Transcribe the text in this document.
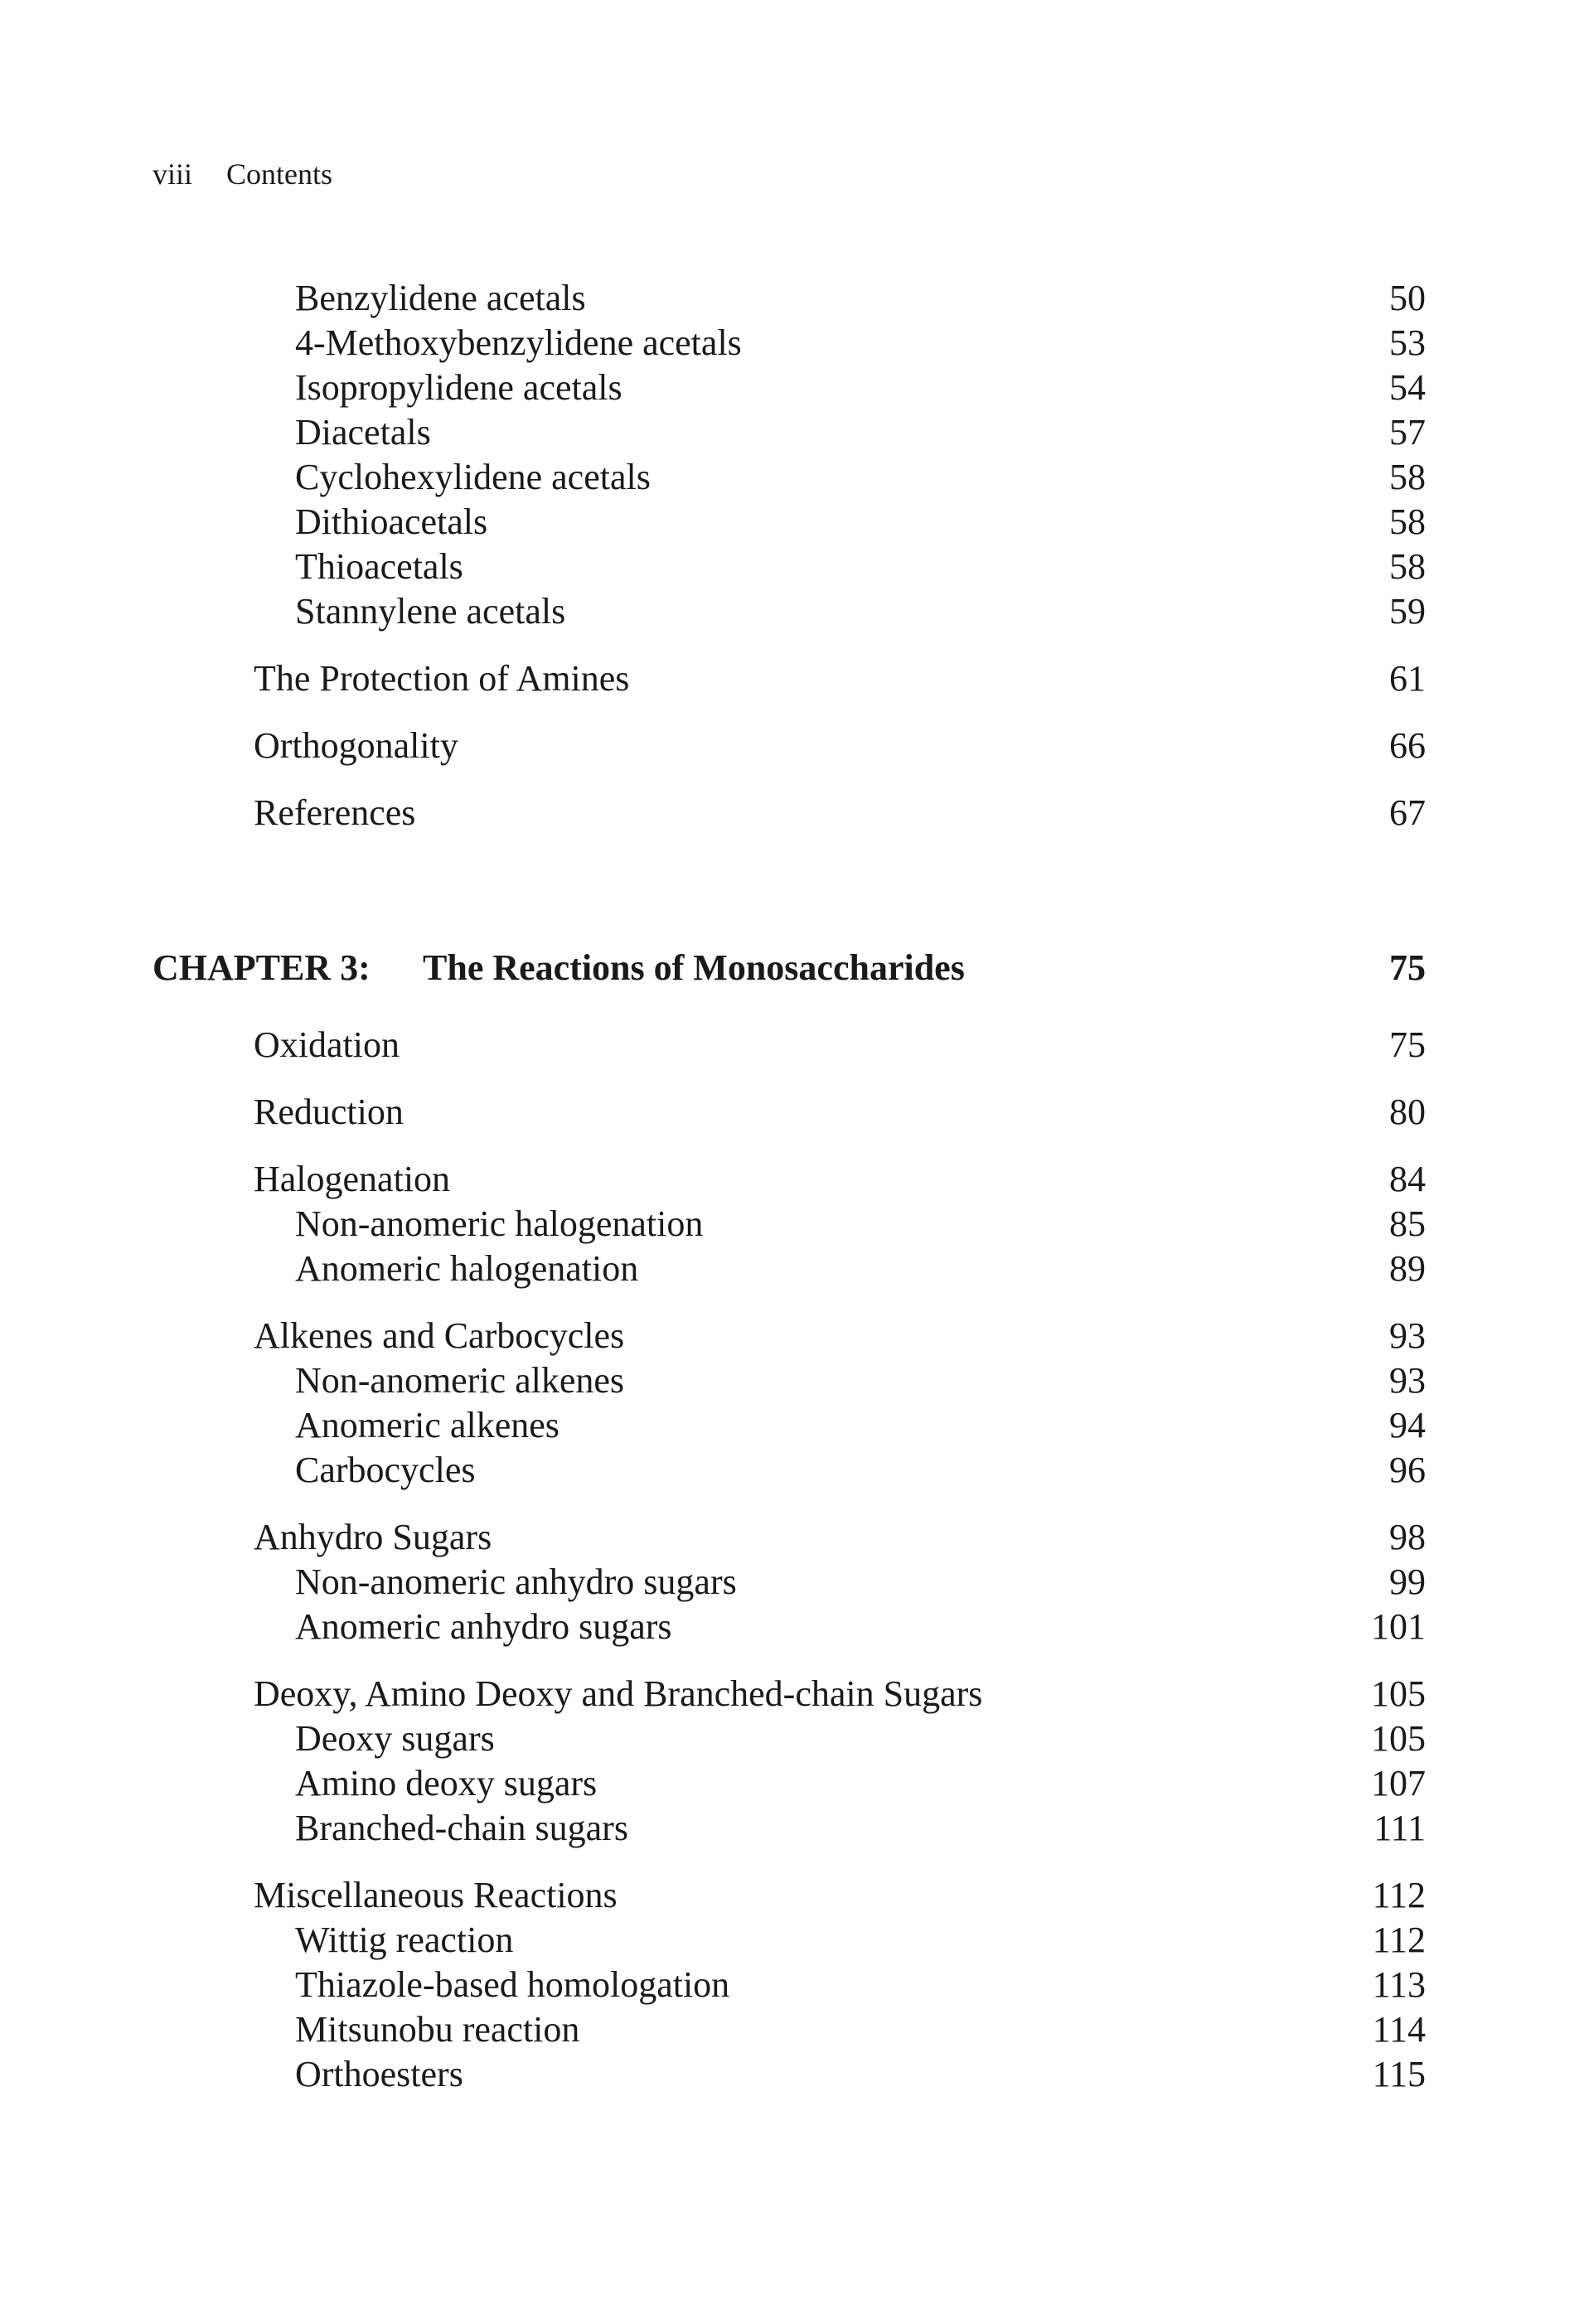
viii Contents
Benzylidene acetals	50
4-Methoxybenzylidene acetals	53
Isopropylidene acetals	54
Diacetals	57
Cyclohexylidene acetals	58
Dithioacetals	58
Thioacetals	58
Stannylene acetals	59
The Protection of Amines	61
Orthogonality	66
References	67
CHAPTER 3: The Reactions of Monosaccharides	75
Oxidation	75
Reduction	80
Halogenation	84
Non-anomeric halogenation	85
Anomeric halogenation	89
Alkenes and Carbocycles	93
Non-anomeric alkenes	93
Anomeric alkenes	94
Carbocycles	96
Anhydro Sugars	98
Non-anomeric anhydro sugars	99
Anomeric anhydro sugars	101
Deoxy, Amino Deoxy and Branched-chain Sugars	105
Deoxy sugars	105
Amino deoxy sugars	107
Branched-chain sugars	111
Miscellaneous Reactions	112
Wittig reaction	112
Thiazole-based homologation	113
Mitsunobu reaction	114
Orthoesters	115
